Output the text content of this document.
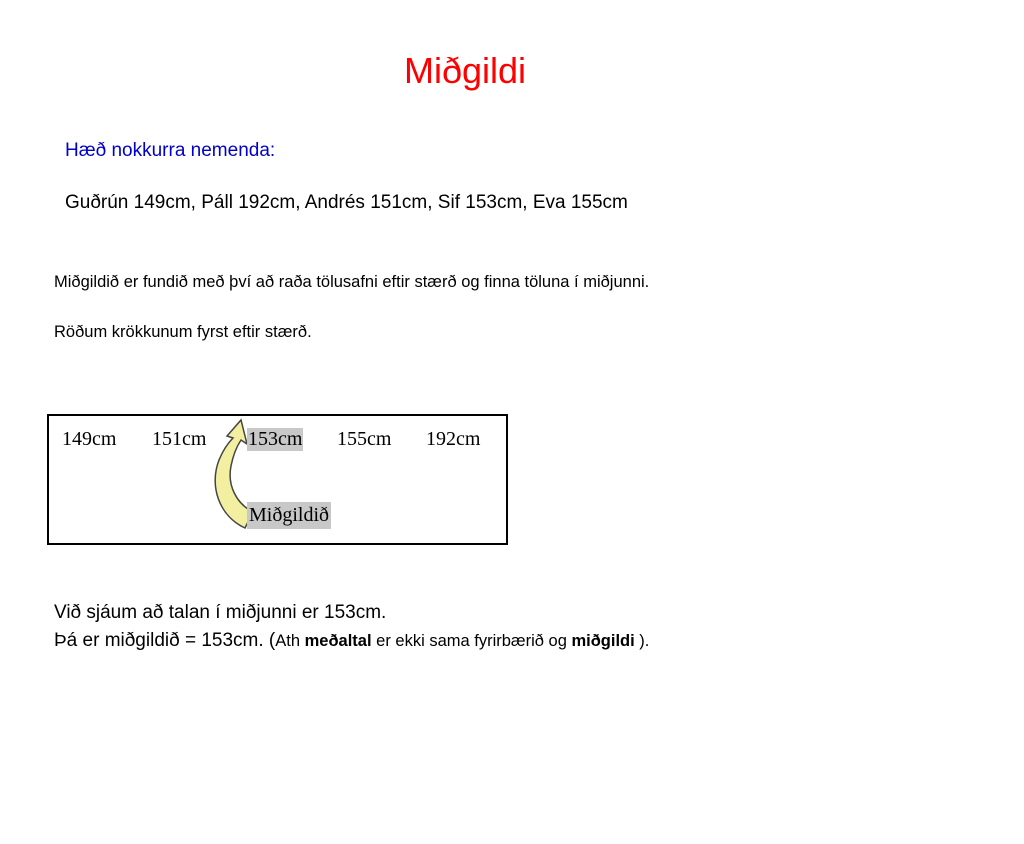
Miðgildi
Hæð nokkurra nemenda:
Guðrún 149cm, Páll 192cm, Andrés 151cm, Sif 153cm, Eva 155cm
Miðgildið er fundið með því að raða tölusafni eftir stærð og finna töluna í miðjunni.
Röðum krökkunum fyrst eftir stærð.
149cm 151cm 153cm 155cm 192cm
Miðgildið
Við sjáum að talan í miðjunni er 153cm.
Þá er miðgildið = 153cm. (Ath meðaltal er ekki sama fyrirbærið og miðgildi ).
